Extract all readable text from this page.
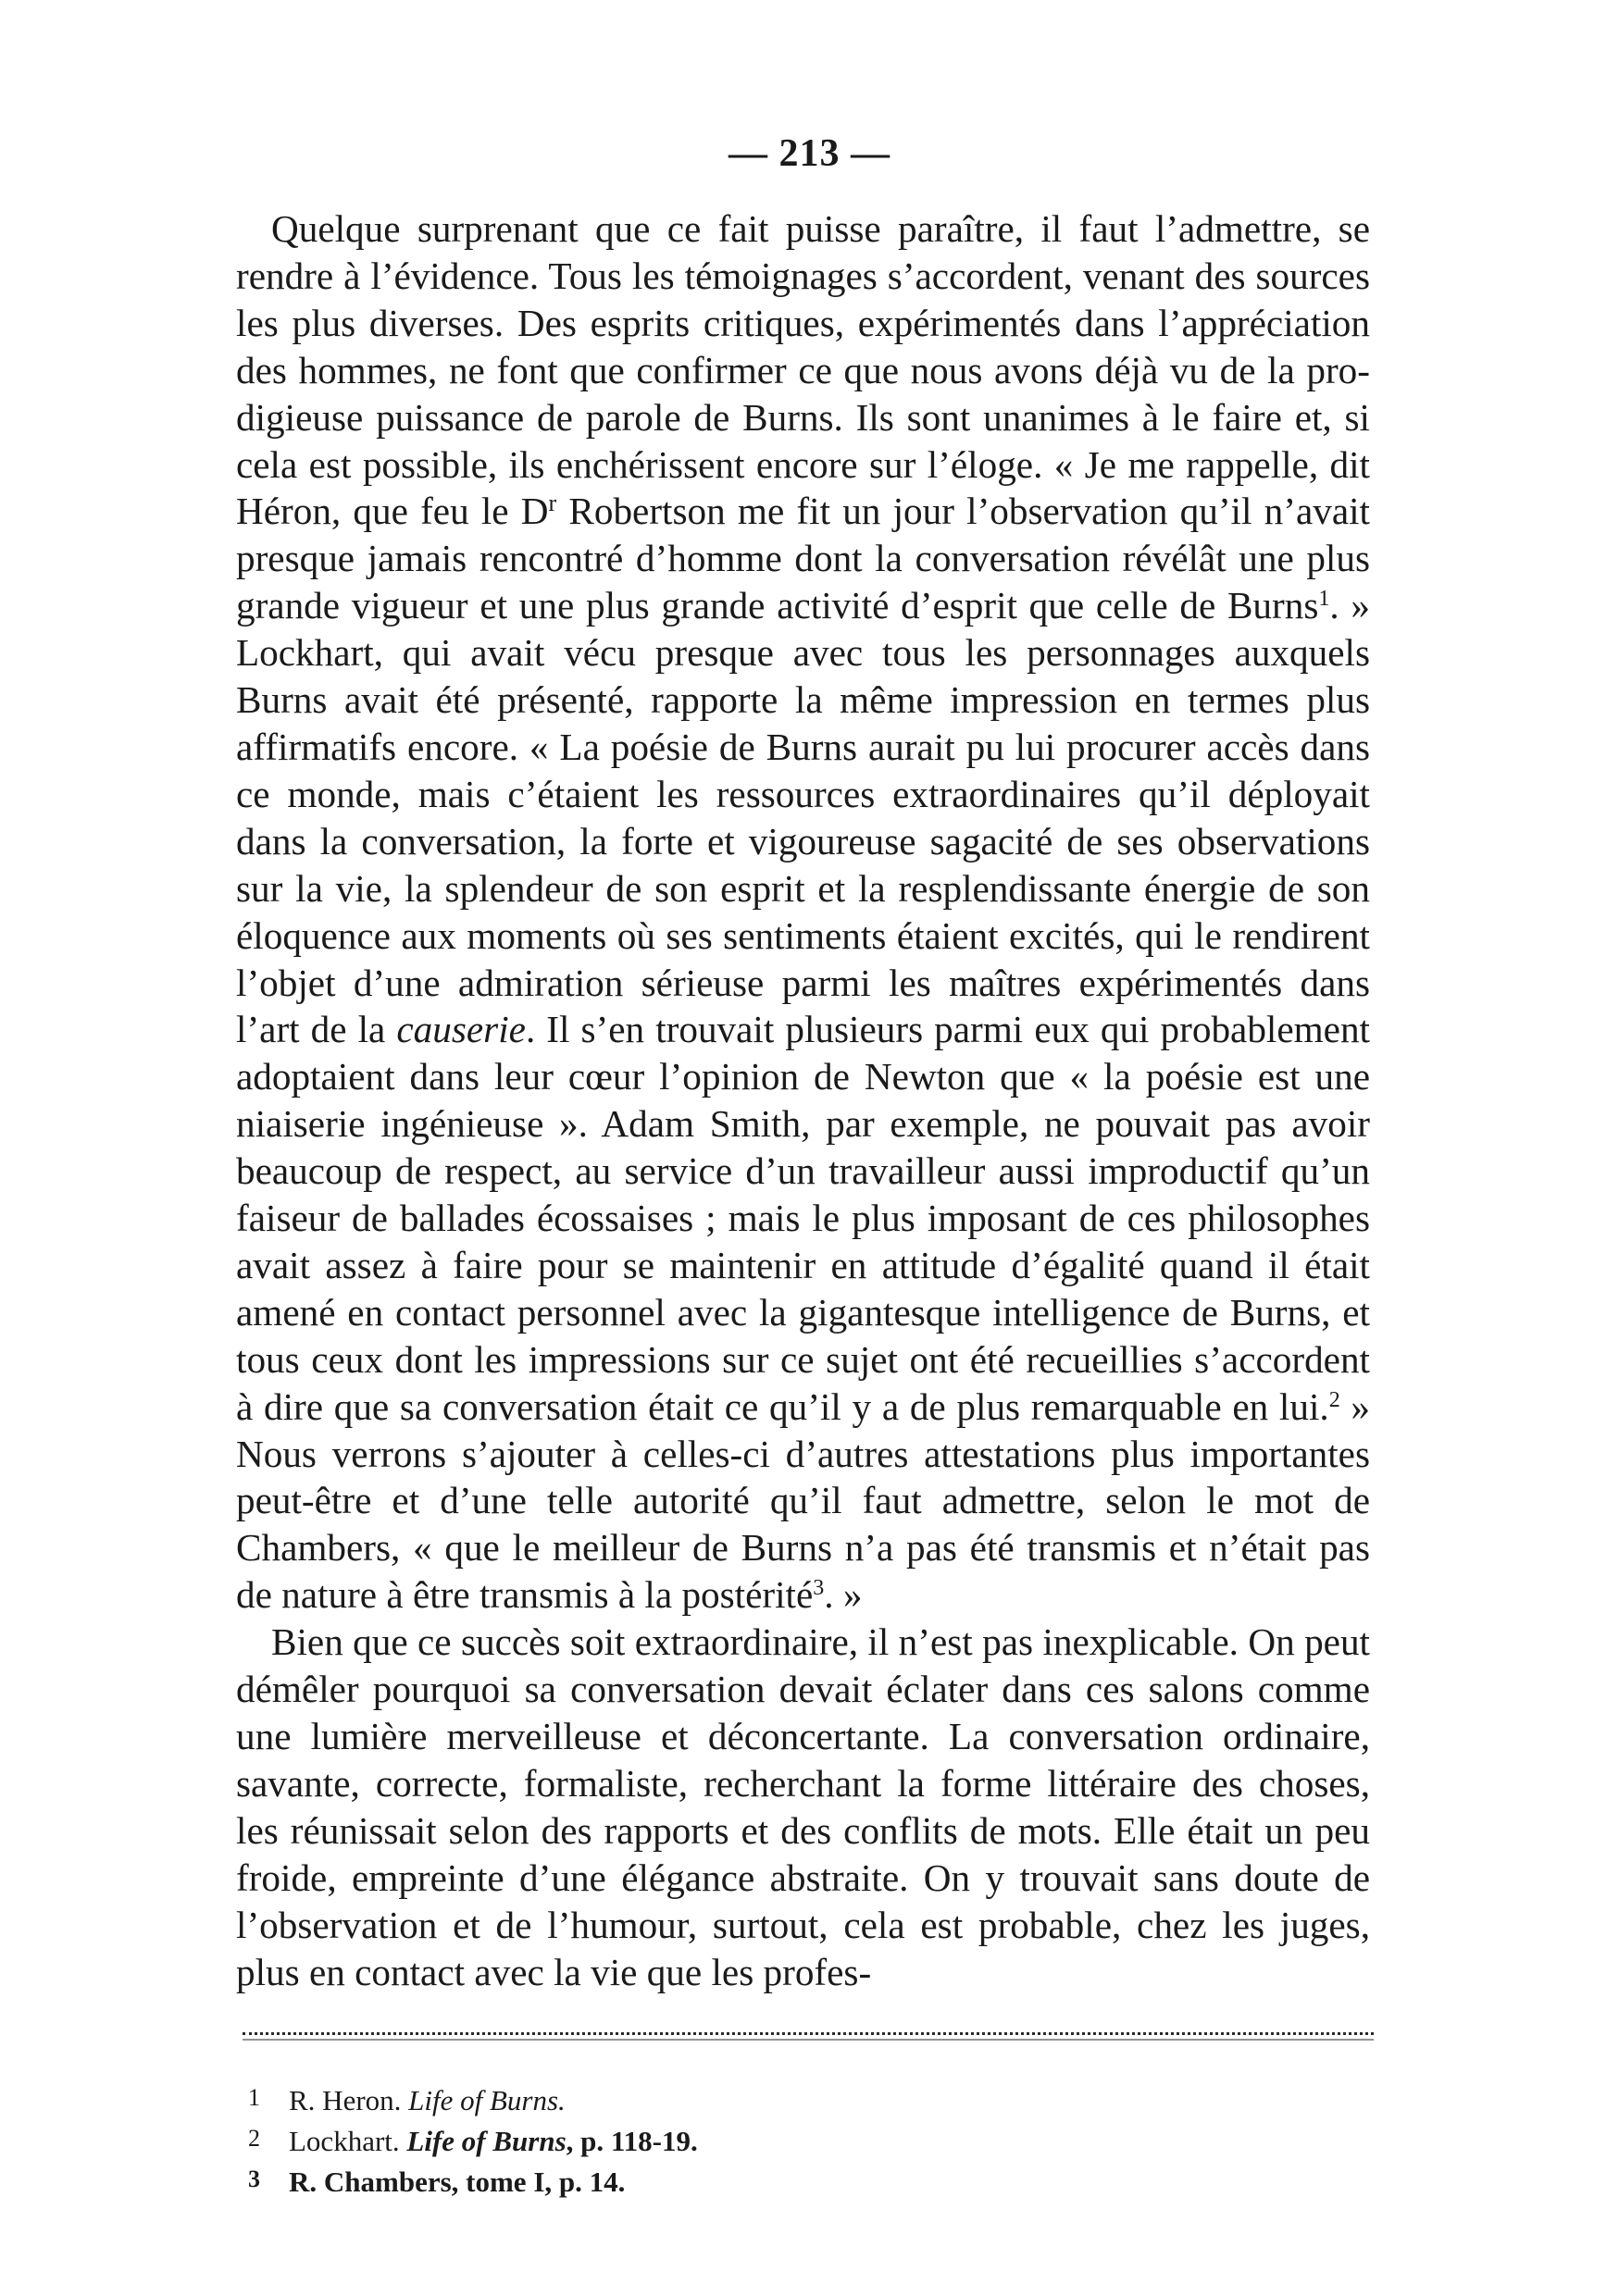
— 213 —

Quelque surprenant que ce fait puisse paraître, il faut l’admettre, se rendre à l’évidence. Tous les témoignages s’accordent, venant des sources les plus diverses. Des esprits critiques, expérimentés dans l’appréciation des hommes, ne font que confirmer ce que nous avons déjà vu de la prodigieuse puissance de parole de Burns. Ils sont unanimes à le faire et, si cela est possible, ils enchérissent encore sur l’éloge. « Je me rappelle, dit Héron, que feu le $D^r$ Robertson me fit un jour l’observation qu’il n’avait presque jamais rencontré d’homme dont la conversation révélât une plus grande vigueur et une plus grande activité d’esprit que celle de Burns$^1$. » Lockhart, qui avait vécu presque avec tous les personnages auxquels Burns avait été présenté, rapporte la même impression en termes plus affirmatifs encore. « La poésie de Burns aurait pu lui procurer accès dans ce monde, mais c’étaient les ressources extraordinaires qu’il déployait dans la conversation, la forte et vigoureuse sagacité de ses observations sur la vie, la splendeur de son esprit et la resplendissante énergie de son éloquence aux moments où ses sentiments étaient excités, qui le rendirent l’objet d’une admiration sérieuse parmi les maîtres expérimentés dans l’art de la causerie. Il s’en trouvait plusieurs parmi eux qui probablement adoptaient dans leur cœur l’opinion de Newton que « la poésie est une niaiserie ingénieuse ». Adam Smith, par exemple, ne pouvait pas avoir beaucoup de respect, au service d’un travailleur aussi improductif qu’un faiseur de ballades écossaises ; mais le plus imposant de ces philosophes avait assez à faire pour se maintenir en attitude d’égalité quand il était amené en contact personnel avec la gigantesque intelligence de Burns, et tous ceux dont les impressions sur ce sujet ont été recueillies s’accordent à dire que sa conversation était ce qu’il y a de plus remarquable en lui.$^2$ » Nous verrons s’ajouter à celles-ci d’autres attestations plus importantes peut-être et d’une telle autorité qu’il faut admettre, selon le mot de Chambers, « que le meilleur de Burns n’a pas été transmis et n’était pas de nature à être transmis à la postérité$^3$. »

Bien que ce succès soit extraordinaire, il n’est pas inexplicable. On peut démêler pourquoi sa conversation devait éclater dans ces salons comme une lumière merveilleuse et déconcertante. La conversation ordinaire, savante, correcte, formaliste, recherchant la forme littéraire des choses, les réunissait selon des rapports et des conflits de mots. Elle était un peu froide, empreinte d’une élégance abstraite. On y trouvait sans doute de l’observation et de l’humour, surtout, cela est probable, chez les juges, plus en contact avec la vie que les profes-

1 R. Heron. Life of Burns.
2 Lockhart. Life of Burns, p. 118-19.
3 R. Chambers, tome I, p. 14.
